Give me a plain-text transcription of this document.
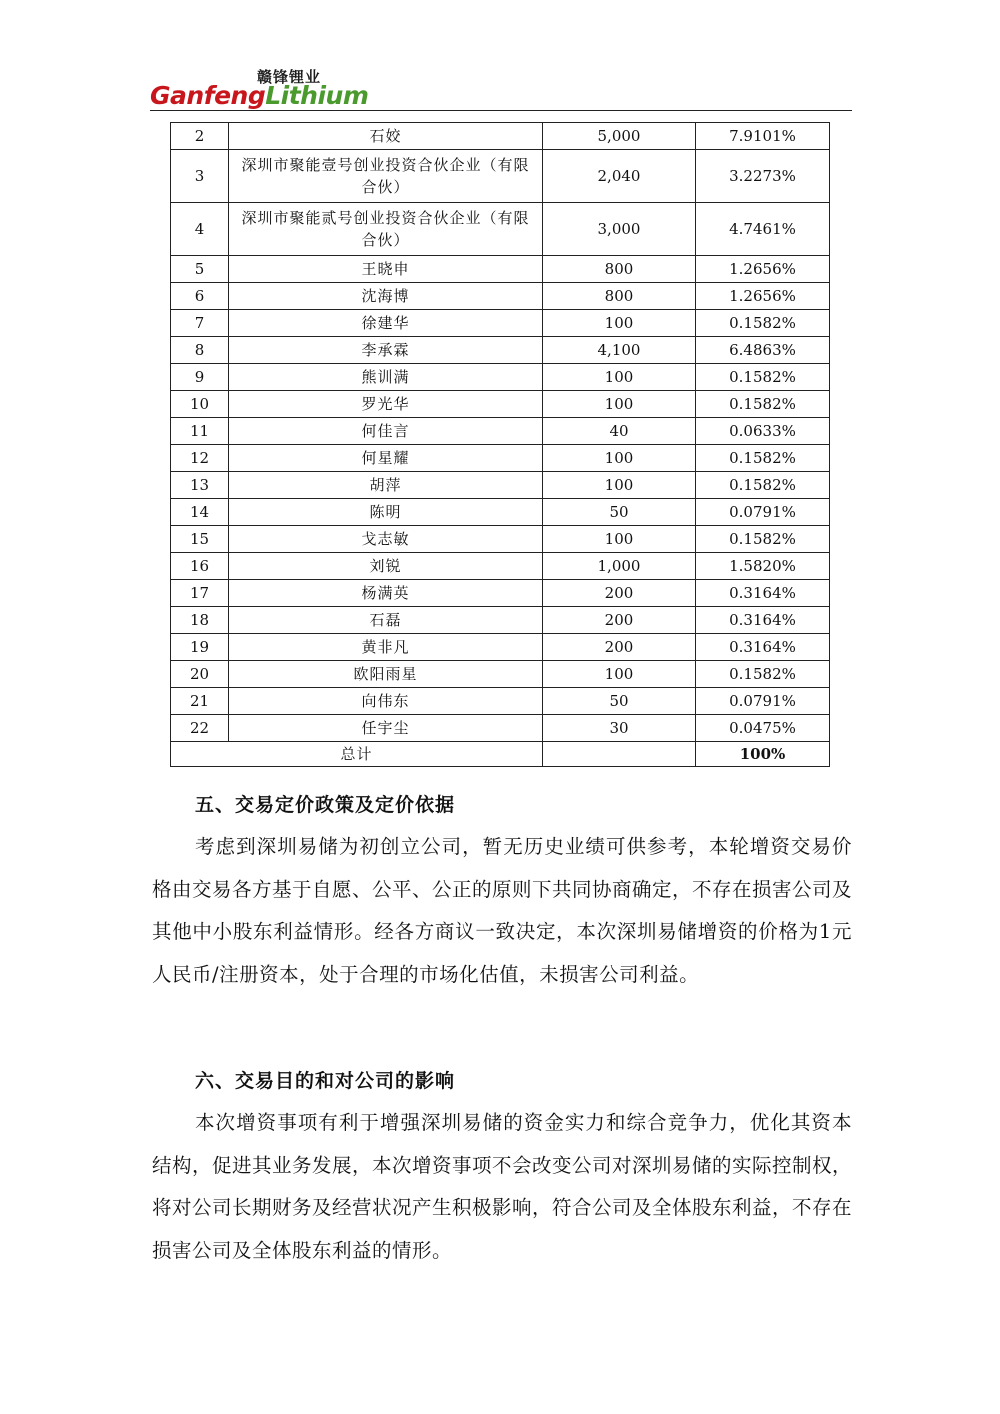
赣锋锂业
GanfengLithium
2	石姣	5,000	7.9101%
3	深圳市聚能壹号创业投资合伙企业（有限合伙）	2,040	3.2273%
4	深圳市聚能贰号创业投资合伙企业（有限合伙）	3,000	4.7461%
5	王晓申	800	1.2656%
6	沈海博	800	1.2656%
7	徐建华	100	0.1582%
8	李承霖	4,100	6.4863%
9	熊训满	100	0.1582%
10	罗光华	100	0.1582%
11	何佳言	40	0.0633%
12	何星耀	100	0.1582%
13	胡萍	100	0.1582%
14	陈明	50	0.0791%
15	戈志敏	100	0.1582%
16	刘锐	1,000	1.5820%
17	杨满英	200	0.3164%
18	石磊	200	0.3164%
19	黄非凡	200	0.3164%
20	欧阳雨星	100	0.1582%
21	向伟东	50	0.0791%
22	任宇尘	30	0.0475%
总计			100%
五、交易定价政策及定价依据
考虑到深圳易储为初创立公司，暂无历史业绩可供参考，本轮增资交易价格由交易各方基于自愿、公平、公正的原则下共同协商确定，不存在损害公司及其他中小股东利益情形。经各方商议一致决定，本次深圳易储增资的价格为1元人民币/注册资本，处于合理的市场化估值，未损害公司利益。
六、交易目的和对公司的影响
本次增资事项有利于增强深圳易储的资金实力和综合竞争力，优化其资本结构，促进其业务发展，本次增资事项不会改变公司对深圳易储的实际控制权，将对公司长期财务及经营状况产生积极影响，符合公司及全体股东利益，不存在损害公司及全体股东利益的情形。
